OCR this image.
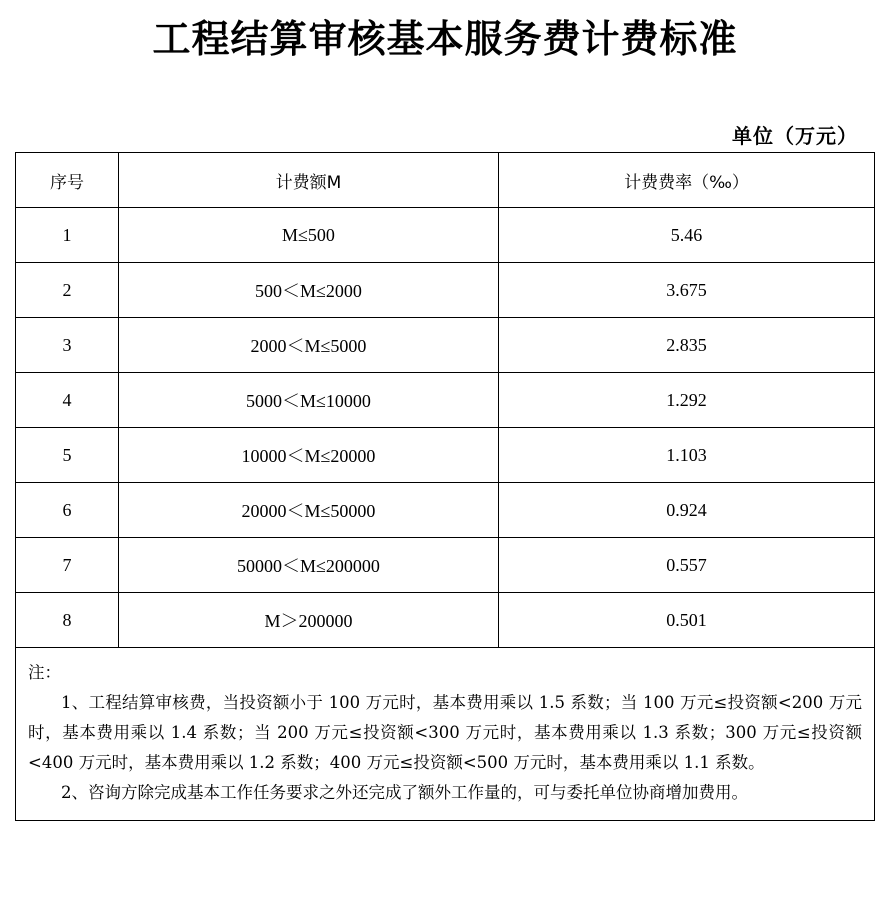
工程结算审核基本服务费计费标准
单位（万元）
序号	计费额M	计费费率（‰）
1	M≤500	5.46
2	500＜M≤2000	3.675
3	2000＜M≤5000	2.835
4	5000＜M≤10000	1.292
5	10000＜M≤20000	1.103
6	20000＜M≤50000	0.924
7	50000＜M≤200000	0.557
8	M＞200000	0.501

注：
1、工程结算审核费，当投资额小于 100 万元时，基本费用乘以 1.5 系数；当 100 万元≤投资额<200 万元时，基本费用乘以 1.4 系数；当 200 万元≤投资额<300 万元时，基本费用乘以 1.3 系数；300 万元≤投资额<400 万元时，基本费用乘以 1.2 系数；400 万元≤投资额<500 万元时，基本费用乘以 1.1 系数。
2、咨询方除完成基本工作任务要求之外还完成了额外工作量的，可与委托单位协商增加费用。		
